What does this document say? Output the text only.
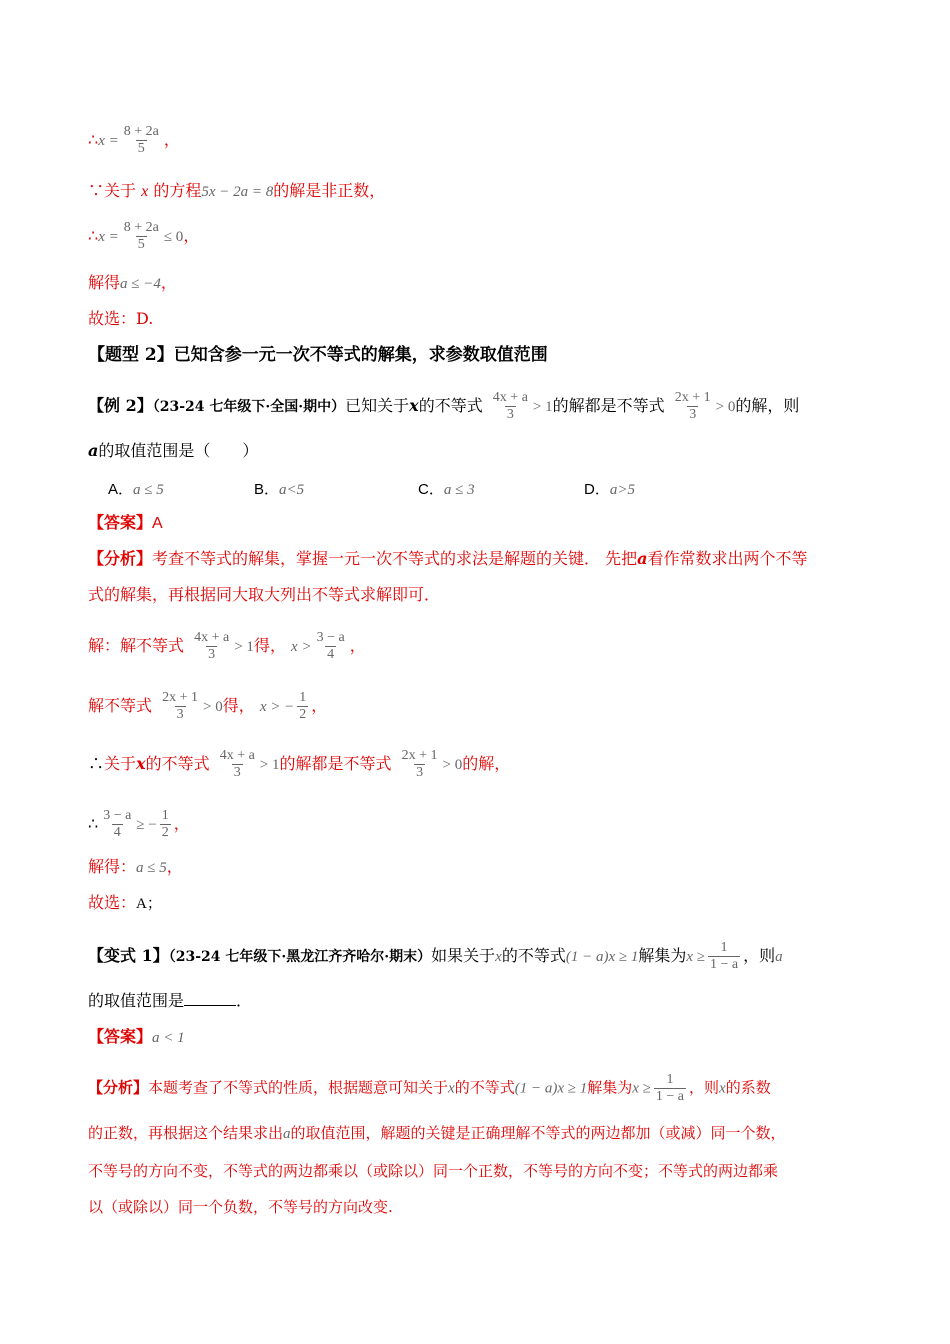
∴x = $\frac{8 + 2a}{5}$ ，
∵关于 x 的方程5x − 2a = 8的解是非正数，
∴x = $\frac{8 + 2a}{5} \le 0$，
解得a ≤ −4，
故选：D.
【题型 2】已知含参一元一次不等式的解集，求参数取值范围
【例 2】（23-24 七年级下·全国·期中）已知关于x的不等式 $\frac{4x + a}{3} > 1$的解都是不等式 $\frac{2x + 1}{3} > 0$的解，则
a的取值范围是（　　）
A．a ≤ 5	B．a<5	C．a ≤ 3	D．a>5
【答案】A
【分析】考查不等式的解集，掌握一元一次不等式的求法是解题的关键． 先把a看作常数求出两个不等
式的解集，再根据同大取大列出不等式求解即可．
解：解不等式 $\frac{4x + a}{3} > 1$得， $x > \frac{3 - a}{4}$ ，
解不等式 $\frac{2x + 1}{3} > 0$得， x > − $\frac{1}{2}$ ，
∴关于x的不等式 $\frac{4x + a}{3} > 1$的解都是不等式 $\frac{2x + 1}{3} > 0$的解，
∴ $\frac{3 - a}{4}$ ≥ − $\frac{1}{2}$ ，
解得：a ≤ 5，
故选：A；
【变式 1】（23-24 七年级下·黑龙江齐齐哈尔·期末）如果关于x的不等式(1 − a)x ≥ 1解集为$x \ge \frac{1}{1 - a}$ ，则a
的取值范围是	．
【答案】a < 1
【分析】本题考查了不等式的性质，根据题意可知关于x的不等式(1 − a)x ≥ 1解集为$x \ge \frac{1}{1 - a}$ ，则x的系数
的正数，再根据这个结果求出a的取值范围，解题的关键是正确理解不等式的两边都加（或减）同一个数，
不等号的方向不变，不等式的两边都乘以（或除以）同一个正数，不等号的方向不变；不等式的两边都乘
以（或除以）同一个负数，不等号的方向改变.
